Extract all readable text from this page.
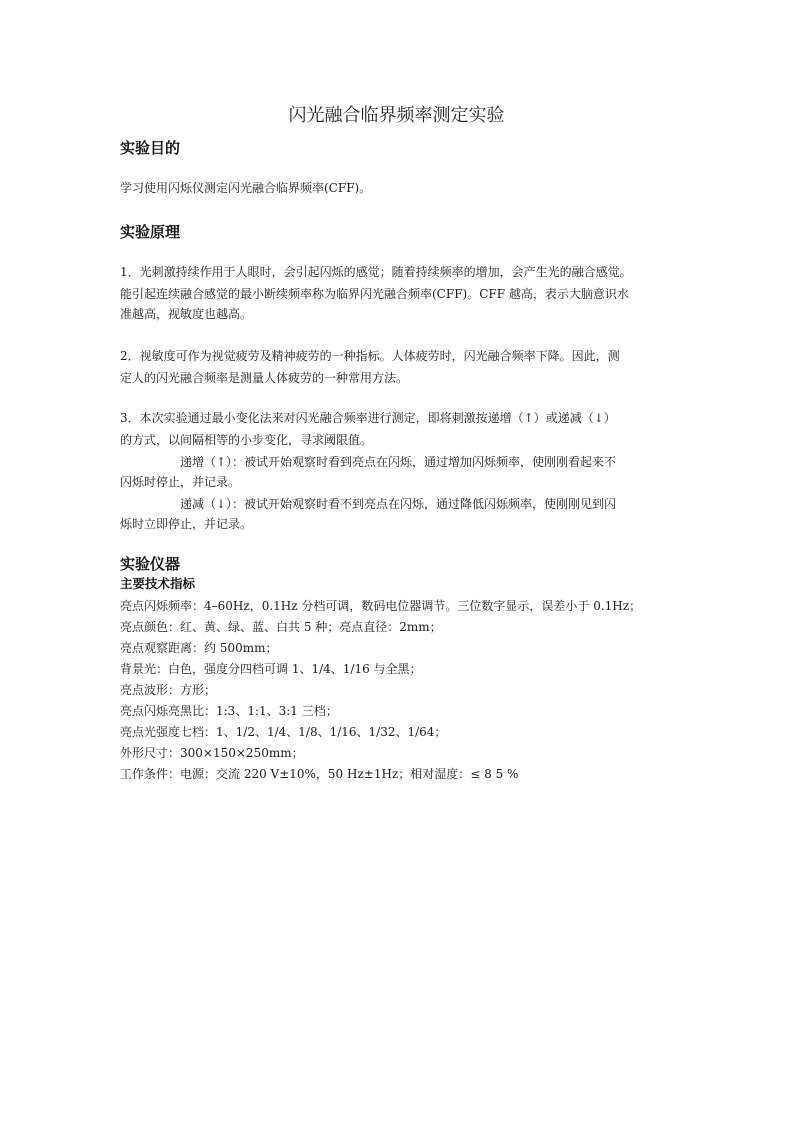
闪光融合临界频率测定实验
实验目的
学习使用闪烁仪测定闪光融合临界频率(CFF)。
实验原理
1．光刺激持续作用于人眼时，会引起闪烁的感觉；随着持续频率的增加，会产生光的融合感觉。
能引起连续融合感觉的最小断续频率称为临界闪光融合频率(CFF)。CFF 越高，表示大脑意识水
准越高，视敏度也越高。
2．视敏度可作为视觉疲劳及精神疲劳的一种指标。人体疲劳时，闪光融合频率下降。因此，测
定人的闪光融合频率是测量人体疲劳的一种常用方法。
3．本次实验通过最小变化法来对闪光融合频率进行测定，即将刺激按递增（↑）或递减（↓）
的方式，以间隔相等的小步变化，寻求阈限值。
递增（↑）：被试开始观察时看到亮点在闪烁，通过增加闪烁频率，使刚刚看起来不
闪烁时停止，并记录。
递减（↓）：被试开始观察时看不到亮点在闪烁，通过降低闪烁频率，使刚刚见到闪
烁时立即停止，并记录。
实验仪器
主要技术指标
亮点闪烁频率：4–60Hz，0.1Hz 分档可调，数码电位器调节。三位数字显示，误差小于 0.1Hz；
亮点颜色：红、黄、绿、蓝、白共 5 种；亮点直径：2mm；
亮点观察距离：约 500mm；
背景光：白色，强度分四档可调 1、1/4、1/16 与全黑；
亮点波形：方形；
亮点闪烁亮黑比：1:3、1:1、3:1 三档；
亮点光强度七档：1、1/2、1/4、1/8、1/16、1/32、1/64；
外形尺寸：300×150×250mm；
工作条件：电源：交流 220 V±10%，50 Hz±1Hz；相对湿度：≤ 8 5 %
